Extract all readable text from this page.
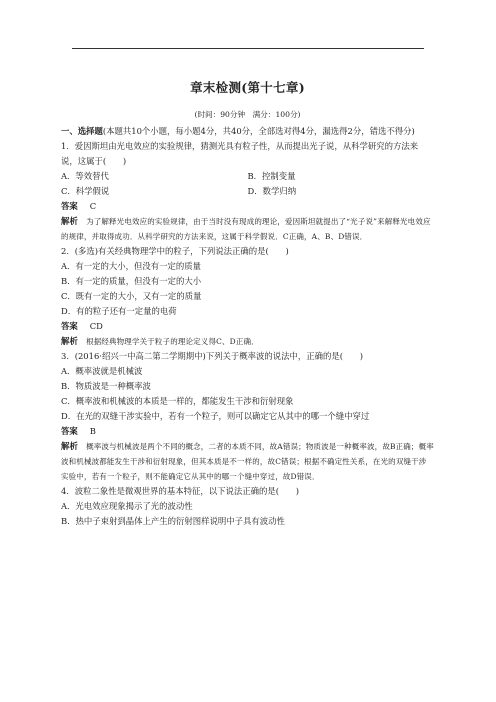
章末检测(第十七章)
(时间：90分钟　满分：100分)
一、选择题(本题共10个小题，每小题4分，共40分，全部选对得4分，漏选得2分，错选不得分)
1．爱因斯坦由光电效应的实验规律，猜测光具有粒子性，从而提出光子说，从科学研究的方法来说，这属于(　　)
A．等效替代	B．控制变量
C．科学假说	D．数学归纳
答案 C
解析 为了解释光电效应的实验规律，由于当时没有现成的理论，爱因斯坦就提出了“光子说”来解释光电效应的规律，并取得成功．从科学研究的方法来说，这属于科学假说．C正确，A、B、D错误．
2．(多选)有关经典物理学中的粒子，下列说法正确的是(　　)
A．有一定的大小，但没有一定的质量
B．有一定的质量，但没有一定的大小
C．既有一定的大小，又有一定的质量
D．有的粒子还有一定量的电荷
答案 CD
解析 根据经典物理学关于粒子的理论定义得C、D正确．
3．(2016·绍兴一中高二第二学期期中)下列关于概率波的说法中，正确的是(　　)
A．概率波就是机械波
B．物质波是一种概率波
C．概率波和机械波的本质是一样的，都能发生干涉和衍射现象
D．在光的双缝干涉实验中，若有一个粒子，则可以确定它从其中的哪一个缝中穿过
答案 B
解析 概率波与机械波是两个不同的概念，二者的本质不同，故A错误；物质波是一种概率波，故B正确；概率波和机械波都能发生干涉和衍射现象，但其本质是不一样的，故C错误；根据不确定性关系，在光的双缝干涉实验中，若有一个粒子，则不能确定它从其中的哪一个缝中穿过，故D错误．
4．波粒二象性是微观世界的基本特征，以下说法正确的是(　　)
A．光电效应现象揭示了光的波动性
B．热中子束射到晶体上产生的衍射图样说明中子具有波动性
